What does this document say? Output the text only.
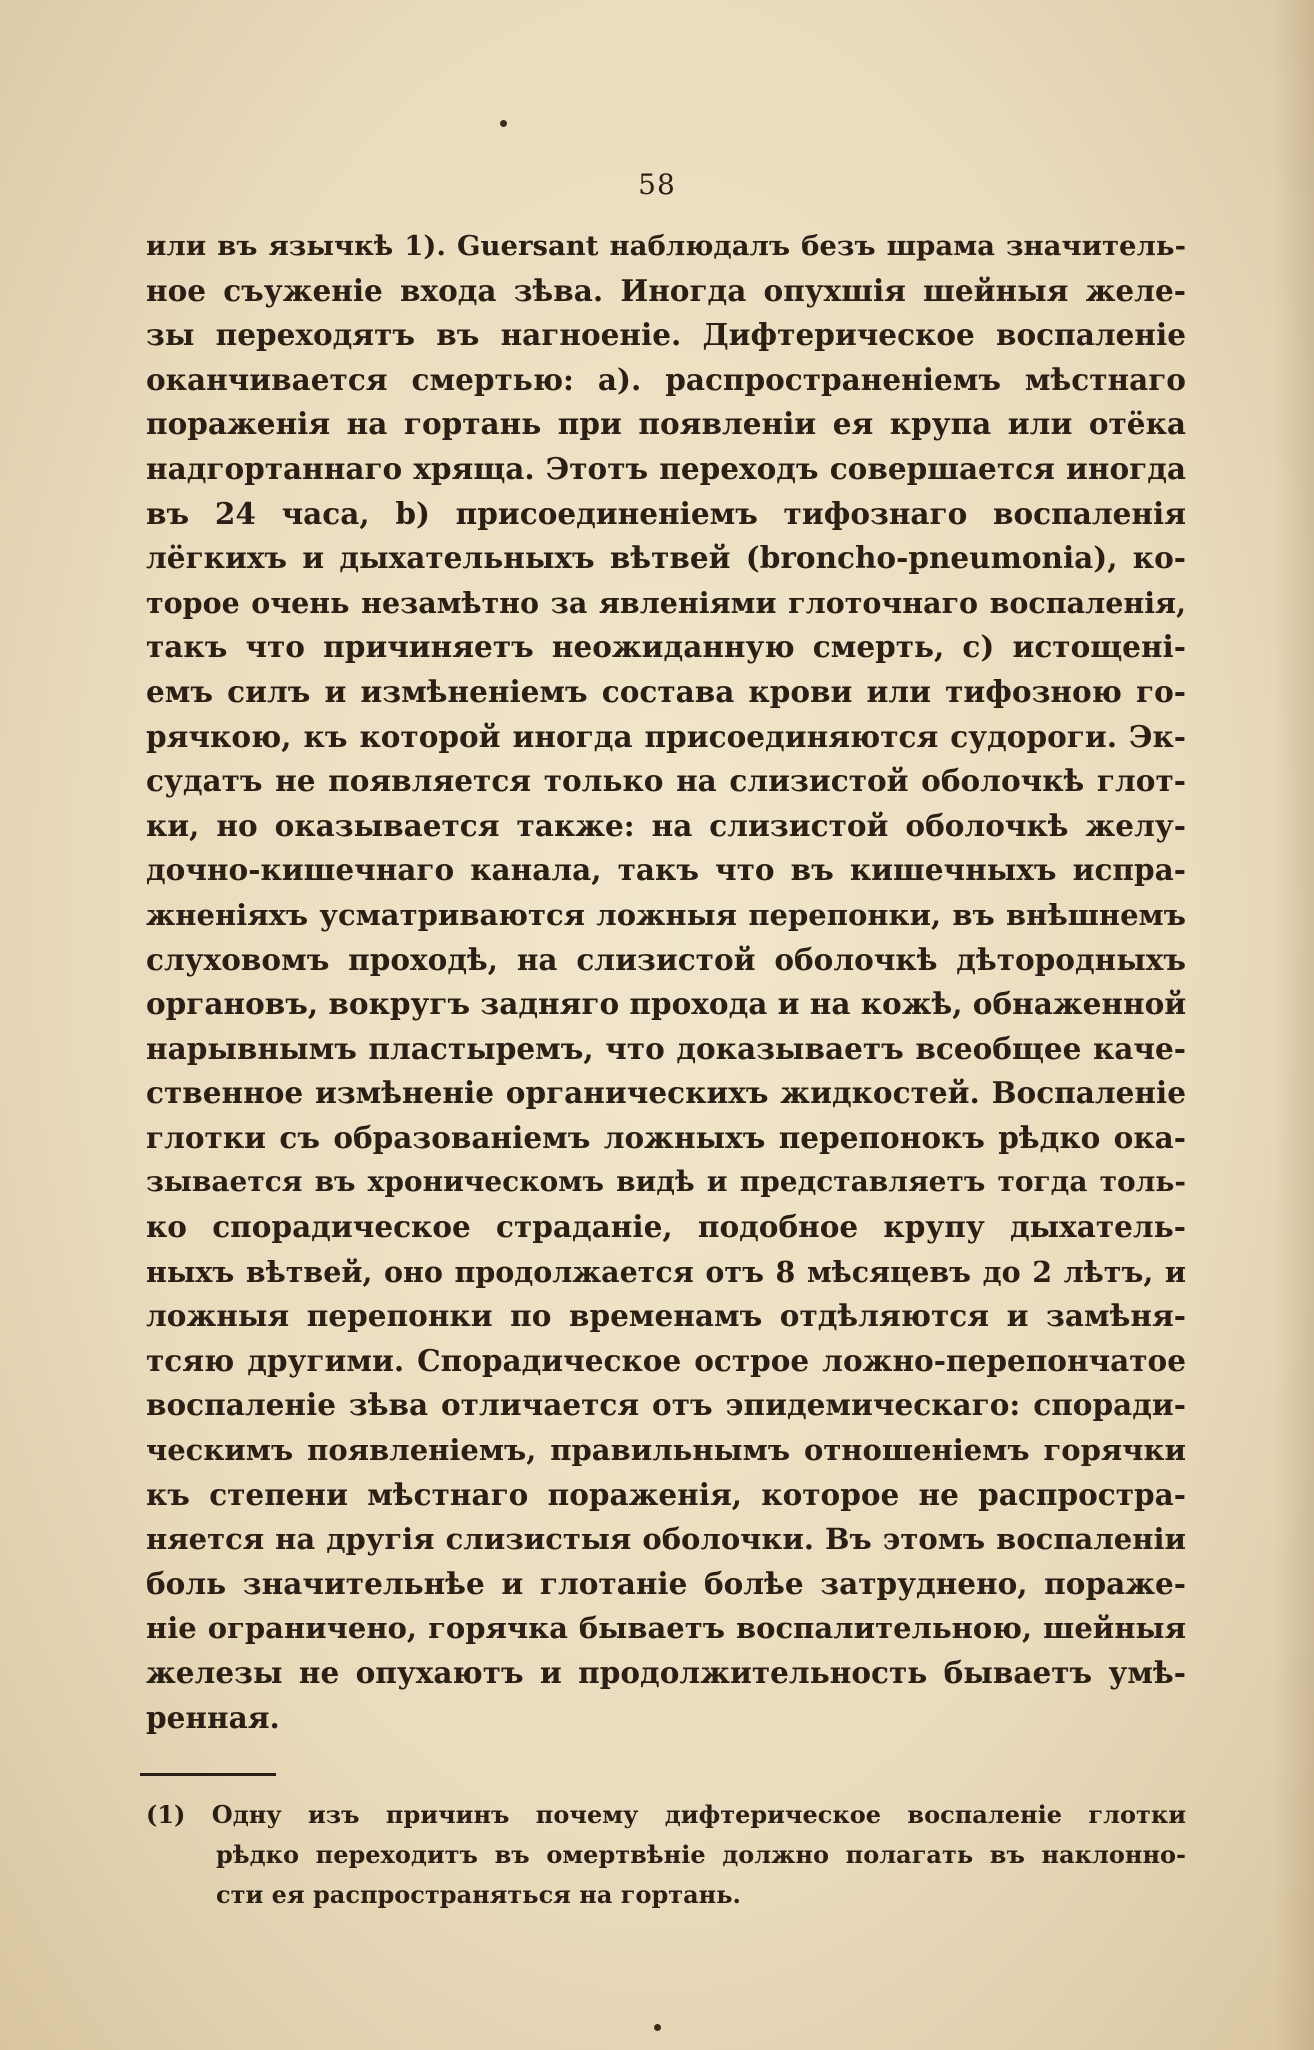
58
или въ язычкѣ 1). Guersant наблюдалъ безъ шрама значитель-
ное съуженіе входа зѣва. Иногда опухшія шейныя желе-
зы переходятъ въ нагноеніе. Дифтерическое воспаленіе
оканчивается смертью: а). распространеніемъ мѣстнаго
пораженія на гортань при появленіи ея крупа или отёка
надгортаннаго хряща. Этотъ переходъ совершается иногда
въ 24 часа, b) присоединеніемъ тифознаго воспаленія
лёгкихъ и дыхательныхъ вѣтвей (broncho-pneumonia), ко-
торое очень незамѣтно за явленіями глоточнаго воспаленія,
такъ что причиняетъ неожиданную смерть, с) истощені-
емъ силъ и измѣненіемъ состава крови или тифозною го-
рячкою, къ которой иногда присоединяются судороги. Эк-
судатъ не появляется только на слизистой оболочкѣ глот-
ки, но оказывается также: на слизистой оболочкѣ желу-
дочно-кишечнаго канала, такъ что въ кишечныхъ испра-
жненіяхъ усматриваются ложныя перепонки, въ внѣшнемъ
слуховомъ проходѣ, на слизистой оболочкѣ дѣтородныхъ
органовъ, вокругъ задняго прохода и на кожѣ, обнаженной
нарывнымъ пластыремъ, что доказываетъ всеобщее каче-
ственное измѣненіе органическихъ жидкостей. Воспаленіе
глотки съ образованіемъ ложныхъ перепонокъ рѣдко ока-
зывается въ хроническомъ видѣ и представляетъ тогда толь-
ко спорадическое страданіе, подобное крупу дыхатель-
ныхъ вѣтвей, оно продолжается отъ 8 мѣсяцевъ до 2 лѣтъ, и
ложныя перепонки по временамъ отдѣляются и замѣня-
тсяю другими. Спорадическое острое ложно-перепончатое
воспаленіе зѣва отличается отъ эпидемическаго: споради-
ческимъ появленіемъ, правильнымъ отношеніемъ горячки
къ степени мѣстнаго пораженія, которое не распростра-
няется на другія слизистыя оболочки. Въ этомъ воспаленіи
боль значительнѣе и глотаніе болѣе затруднено, пораже-
ніе ограничено, горячка бываетъ воспалительною, шейныя
железы не опухаютъ и продолжительность бываетъ умѣ-
ренная.
(1) Одну изъ причинъ почему дифтерическое воспаленіе глотки
рѣдко переходитъ въ омертвѣніе должно полагать въ наклонно-
сти ея распространяться на гортань.
